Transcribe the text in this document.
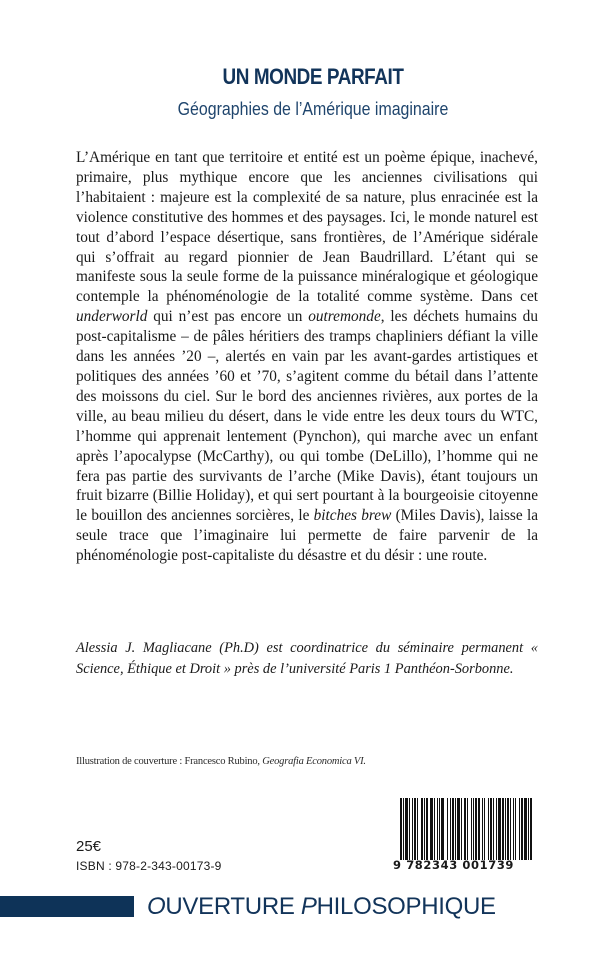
UN MONDE PARFAIT
Géographies de l’Amérique imaginaire
L’Amérique en tant que territoire et entité est un poème épique, inachevé, primaire, plus mythique encore que les anciennes civilisations qui l’habitaient : majeure est la complexité de sa nature, plus enracinée est la violence constitutive des hommes et des paysages. Ici, le monde naturel est tout d’abord l’espace désertique, sans frontières, de l’Amérique sidérale qui s’offrait au regard pionnier de Jean Baudrillard. L’étant qui se manifeste sous la seule forme de la puissance minéralogique et géologique contemple la phénoménologie de la totalité comme système. Dans cet underworld qui n’est pas encore un outremonde, les déchets humains du post-capitalisme – de pâles héritiers des tramps chapliniers défiant la ville dans les années ’20 –, alertés en vain par les avant-gardes artistiques et politiques des années ’60 et ’70, s’agitent comme du bétail dans l’attente des moissons du ciel. Sur le bord des anciennes rivières, aux portes de la ville, au beau milieu du désert, dans le vide entre les deux tours du WTC, l’homme qui apprenait lentement (Pynchon), qui marche avec un enfant après l’apocalypse (McCarthy), ou qui tombe (DeLillo), l’homme qui ne fera pas partie des survivants de l’arche (Mike Davis), étant toujours un fruit bizarre (Billie Holiday), et qui sert pourtant à la bourgeoisie citoyenne le bouillon des anciennes sorcières, le bitches brew (Miles Davis), laisse la seule trace que l’imaginaire lui permette de faire parvenir de la phénoménologie post-capitaliste du désastre et du désir : une route.
Alessia J. Magliacane (Ph.D) est coordinatrice du séminaire permanent « Science, Éthique et Droit » près de l’université Paris 1 Panthéon-Sorbonne.
Illustration de couverture : Francesco Rubino, Geografia Economica VI.
25€
ISBN : 978-2-343-00173-9	9 782343 001739
OUVERTURE PHILOSOPHIQUE
